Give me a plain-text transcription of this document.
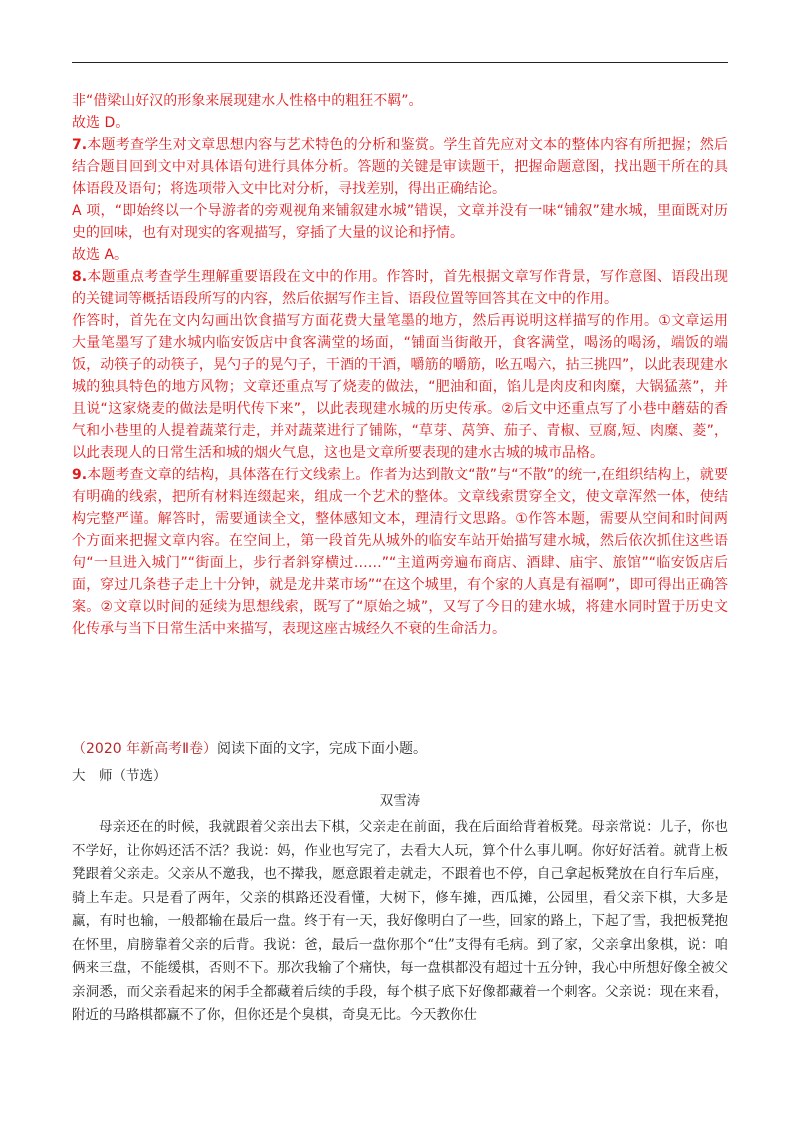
非“借梁山好汉的形象来展现建水人性格中的粗狂不羁”。

故选 D。

7.本题考查学生对文章思想内容与艺术特色的分析和鉴赏。学生首先应对文本的整体内容有所把握；然后结合题目回到文中对具体语句进行具体分析。答题的关键是审读题干，把握命题意图，找出题干所在的具体语段及语句；将选项带入文中比对分析，寻找差别，得出正确结论。

A 项，“即始终以一个导游者的旁观视角来铺叙建水城”错误，文章并没有一味“铺叙”建水城，里面既对历史的回味，也有对现实的客观描写，穿插了大量的议论和抒情。

故选 A。

8.本题重点考查学生理解重要语段在文中的作用。作答时，首先根据文章写作背景，写作意图、语段出现的关键词等概括语段所写的内容，然后依据写作主旨、语段位置等回答其在文中的作用。

作答时，首先在文内勾画出饮食描写方面花费大量笔墨的地方，然后再说明这样描写的作用。①文章运用大量笔墨写了建水城内临安饭店中食客满堂的场面，“铺面当街敞开，食客满堂，喝汤的喝汤，端饭的端饭，动筷子的动筷子，晃勺子的晃勺子，干酒的干酒，嚼筋的嚼筋，吆五喝六，拈三挑四”，以此表现建水城的独具特色的地方风物；文章还重点写了烧麦的做法，“肥油和面，馅儿是肉皮和肉糜，大锅猛蒸”，并且说“这家烧麦的做法是明代传下来”，以此表现建水城的历史传承。②后文中还重点写了小巷中蘑菇的香气和小巷里的人提着蔬菜行走，并对蔬菜进行了铺陈，“草芽、莴笋、茄子、青椒、豆腐,短、肉糜、菱”，以此表现人的日常生活和城的烟火气息，这也是文章所要表现的建水古城的城市品格。

9.本题考查文章的结构，具体落在行文线索上。作者为达到散文“散”与“不散”的统一,在组织结构上，就要有明确的线索，把所有材料连缀起来，组成一个艺术的整体。文章线索贯穿全文，使文章浑然一体，使结构完整严谨。解答时，需要通读全文，整体感知文本，理清行文思路。①作答本题，需要从空间和时间两个方面来把握文章内容。在空间上，第一段首先从城外的临安车站开始描写建水城，然后依次抓住这些语句“一旦进入城门”“街面上，步行者斜穿横过……”“主道两旁遍布商店、酒肆、庙宇、旅馆”“临安饭店后面，穿过几条巷子走上十分钟，就是龙井菜市场”“在这个城里，有个家的人真是有福啊”，即可得出正确答案。②文章以时间的延续为思想线索，既写了“原始之城”，又写了今日的建水城，将建水同时置于历史文化传承与当下日常生活中来描写，表现这座古城经久不衰的生命活力。

（2020 年新高考Ⅱ卷）阅读下面的文字，完成下面小题。
大　师（节选）
双雪涛

母亲还在的时候，我就跟着父亲出去下棋，父亲走在前面，我在后面给背着板凳。母亲常说：儿子，你也不学好，让你妈还活不活？我说：妈，作业也写完了，去看大人玩，算个什么事儿啊。你好好活着。就背上板凳跟着父亲走。父亲从不邀我，也不撵我，愿意跟着走就走，不跟着也不停，自己拿起板凳放在自行车后座，骑上车走。只是看了两年，父亲的棋路还没看懂，大树下，修车摊，西瓜摊，公园里，看父亲下棋，大多是赢，有时也输，一般都输在最后一盘。终于有一天，我好像明白了一些，回家的路上，下起了雪，我把板凳抱在怀里，肩膀靠着父亲的后背。我说：爸，最后一盘你那个“仕”支得有毛病。到了家，父亲拿出象棋，说：咱俩来三盘，不能缓棋，否则不下。那次我输了个痛快，每一盘棋都没有超过十五分钟，我心中所想好像全被父亲洞悉，而父亲看起来的闲手全都藏着后续的手段，每个棋子底下好像都藏着一个刺客。父亲说：现在来看，附近的马路棋都赢不了你，但你还是个臭棋，奇臭无比。今天教你仕
